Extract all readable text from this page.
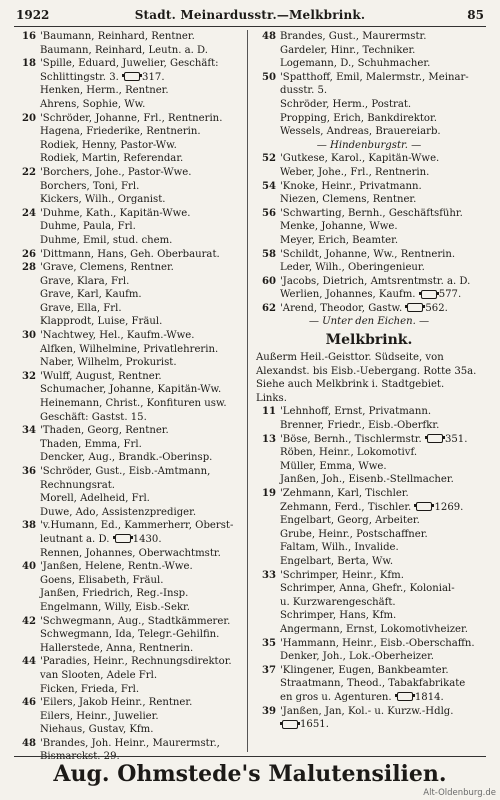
1922	Stadt. Meinardusstr.—Melkbrink.	85
16 'Baumann, Reinhard, Rentner.
Baumann, Reinhard, Leutn. a. D.
18 'Spille, Eduard, Juwelier, Geschäft:
Schlittingstr. 3. 317.
Henken, Herm., Rentner.
Ahrens, Sophie, Ww.
20 'Schröder, Johanne, Frl., Rentnerin.
Hagena, Friederike, Rentnerin.
Rodiek, Henny, Pastor-Ww.
Rodiek, Martin, Referendar.
22 'Borchers, Johe., Pastor-Wwe.
Borchers, Toni, Frl.
Kickers, Wilh., Organist.
24 'Duhme, Kath., Kapitän-Wwe.
Duhme, Paula, Frl.
Duhme, Emil, stud. chem.
26 'Dittmann, Hans, Geh. Oberbaurat.
28 'Grave, Clemens, Rentner.
Grave, Klara, Frl.
Grave, Karl, Kaufm.
Grave, Ella, Frl.
Klapprodt, Luise, Fräul.
30 'Nachtwey, Hel., Kaufm.-Wwe.
Alfken, Wilhelmine, Privatlehrerin.
Naber, Wilhelm, Prokurist.
32 'Wulff, August, Rentner.
Schumacher, Johanne, Kapitän-Ww.
Heinemann, Christ., Konfituren usw.
Geschäft: Gastst. 15.
34 'Thaden, Georg, Rentner.
Thaden, Emma, Frl.
Dencker, Aug., Brandk.-Oberinsp.
36 'Schröder, Gust., Eisb.-Amtmann,
Rechnungsrat.
Morell, Adelheid, Frl.
Duwe, Ado, Assistenzprediger.
38 'v.Humann, Ed., Kammerherr, Oberst-
leutnant a. D. 1430.
Rennen, Johannes, Oberwachtmstr.
40 'Janßen, Helene, Rentn.-Wwe.
Goens, Elisabeth, Fräul.
Janßen, Friedrich, Reg.-Insp.
Engelmann, Willy, Eisb.-Sekr.
42 'Schwegmann, Aug., Stadtkämmerer.
Schwegmann, Ida, Telegr.-Gehilfin.
Hallerstede, Anna, Rentnerin.
44 'Paradies, Heinr., Rechnungsdirektor.
van Slooten, Adele Frl.
Ficken, Frieda, Frl.
46 'Eilers, Jakob Heinr., Rentner.
Eilers, Heinr., Juwelier.
Niehaus, Gustav, Kfm.
48 'Brandes, Joh. Heinr., Maurermstr.,
Bismarckst. 29.
48 Brandes, Gust., Maurermstr.
Gardeler, Hinr., Techniker.
Logemann, D., Schuhmacher.
50 'Spatthoff, Emil, Malermstr., Meinar-
dusstr. 5.
Schröder, Herm., Postrat.
Propping, Erich, Bankdirektor.
Wessels, Andreas, Brauereiarb.
— Hindenburgstr. —
52 'Gutkese, Karol., Kapitän-Wwe.
Weber, Johe., Frl., Rentnerin.
54 'Knoke, Heinr., Privatmann.
Niezen, Clemens, Rentner.
56 'Schwarting, Bernh., Geschäftsführ.
Menke, Johanne, Wwe.
Meyer, Erich, Beamter.
58 'Schildt, Johanne, Ww., Rentnerin.
Leder, Wilh., Oberingenieur.
60 'Jacobs, Dietrich, Amtsrentmstr. a. D.
Werlien, Johannes, Kaufm. 577.
62 'Arend, Theodor, Gastw. 562.
— Unter den Eichen. —
Melkbrink.
Außerm Heil.-Geisttor. Südseite, von
Alexandst. bis Eisb.-Uebergang. Rotte 35a.
Siehe auch Melkbrink i. Stadtgebiet.
Links.
11 'Lehnhoff, Ernst, Privatmann.
Brenner, Friedr., Eisb.-Oberfkr.
13 'Böse, Bernh., Tischlermstr. 351.
Röben, Heinr., Lokomotivf.
Müller, Emma, Wwe.
Janßen, Joh., Eisenb.-Stellmacher.
19 'Zehmann, Karl, Tischler.
Zehmann, Ferd., Tischler. 1269.
Engelbart, Georg, Arbeiter.
Grube, Heinr., Postschaffner.
Faltam, Wilh., Invalide.
Engelbart, Berta, Ww.
33 'Schrimper, Heinr., Kfm.
Schrimper, Anna, Ghefr., Kolonial-
u. Kurzwarengeschäft.
Schrimper, Hans, Kfm.
Angermann, Ernst, Lokomotivheizer.
35 'Hammann, Heinr., Eisb.-Oberschaffn.
Denker, Joh., Lok.-Oberheizer.
37 'Klingener, Eugen, Bankbeamter.
Straatmann, Theod., Tabakfabrikate
en gros u. Agenturen. 1814.
39 'Janßen, Jan, Kol.- u. Kurzw.-Hdlg.
1651.
Aug. Ohmstede's Malutensilien.
Alt-Oldenburg.de
